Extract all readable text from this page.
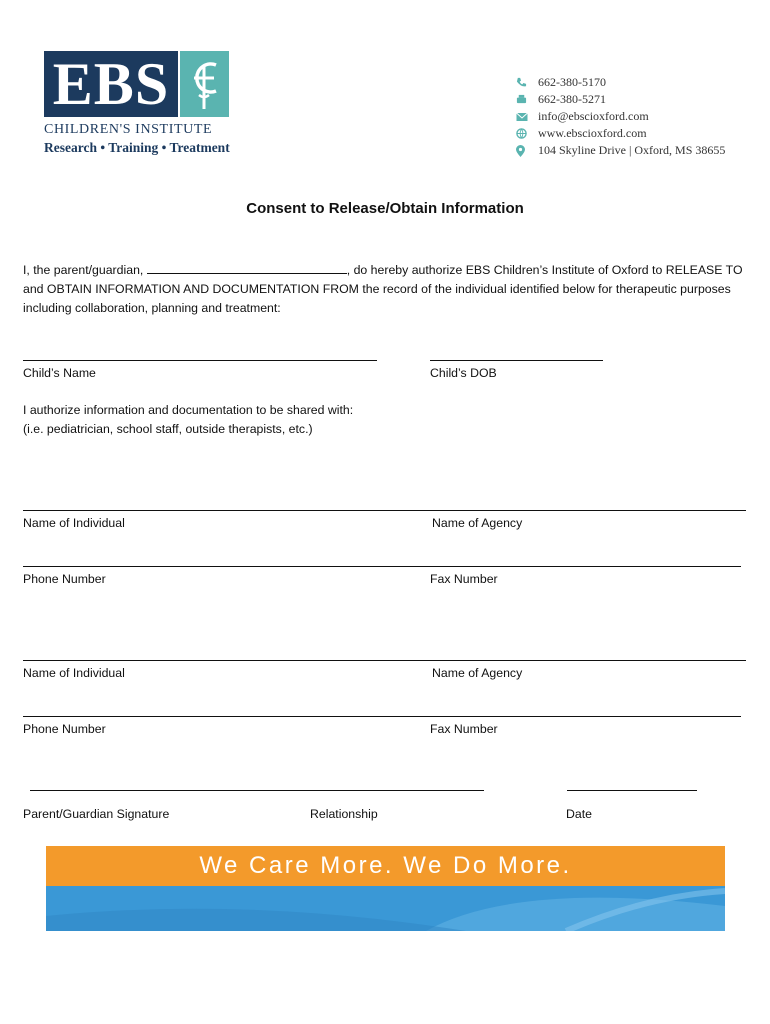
EBS
CHILDREN'S INSTITUTE
Research • Training • Treatment
662-380-5170
662-380-5271
info@ebscioxford.com
www.ebscioxford.com
104 Skyline Drive | Oxford, MS 38655
Consent to Release/Obtain Information
I, the parent/guardian,	, do hereby authorize EBS Children’s Institute of Oxford to RELEASE TO
and OBTAIN INFORMATION AND DOCUMENTATION FROM the record of the individual identified below for therapeutic purposes
including collaboration, planning and treatment:
Child’s Name	Child’s DOB
I authorize information and documentation to be shared with:
(i.e. pediatrician, school staff, outside therapists, etc.)
Name of Individual	Name of Agency
Phone Number	Fax Number
Name of Individual	Name of Agency
Phone Number	Fax Number
Parent/Guardian Signature	Relationship	Date
We Care More. We Do More.
